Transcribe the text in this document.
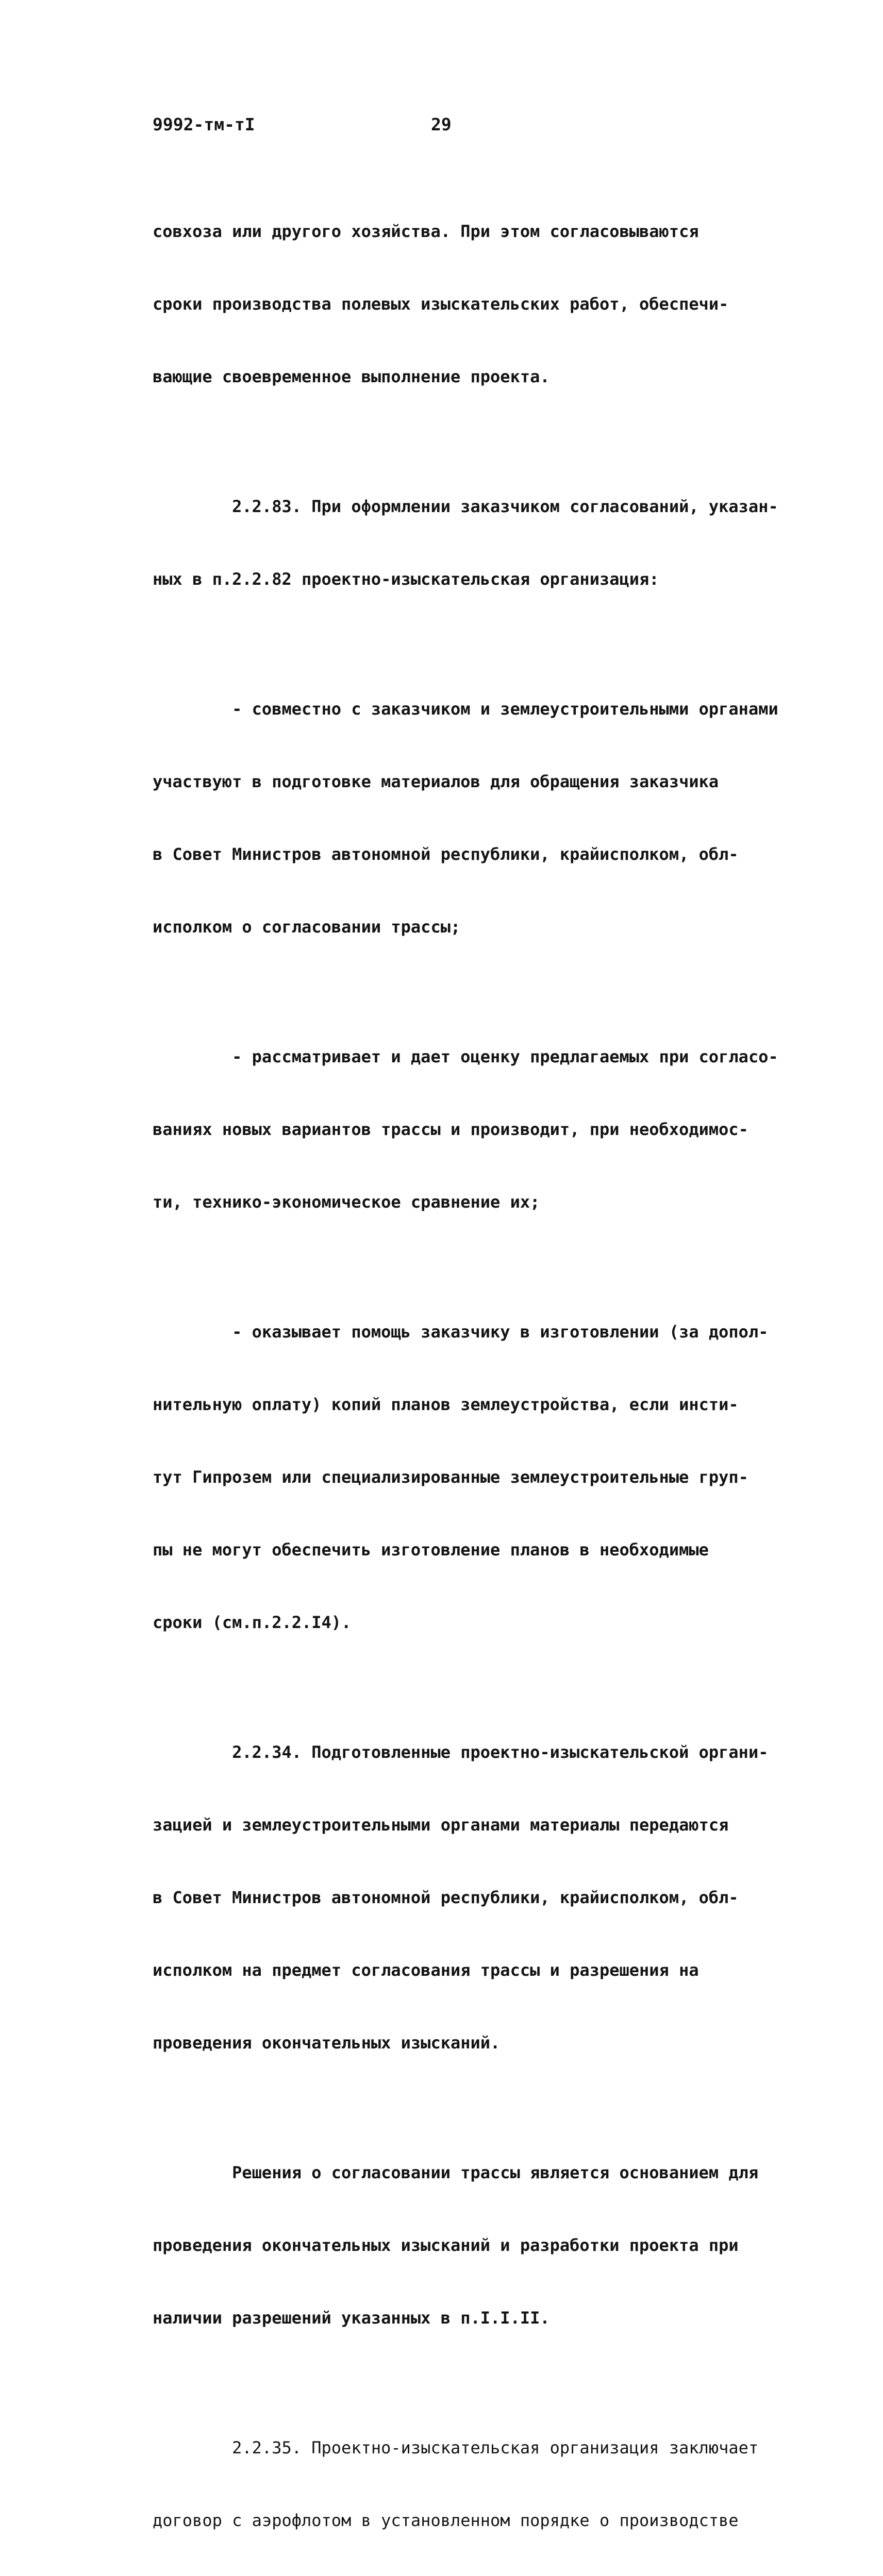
9992-тм-тI	29

совхоза или другого хозяйства. При этом согласовываются

сроки производства полевых изыскательских работ, обеспечи-

вающие своевременное выполнение проекта.

2.2.83. При оформлении заказчиком согласований, указан-

ных в п.2.2.82 проектно-изыскательская организация:

- совместно с заказчиком и землеустроительными органами

участвуют в подготовке материалов для обращения заказчика

в Совет Министров автономной республики, крайисполком, обл-

исполком о согласовании трассы;

- рассматривает и дает оценку предлагаемых при согласо-

ваниях новых вариантов трассы и производит, при необходимос-

ти, технико-экономическое сравнение их;

- оказывает помощь заказчику в изготовлении (за допол-

нительную оплату) копий планов землеустройства, если инсти-

тут Гипрозем или специализированные землеустроительные груп-

пы не могут обеспечить изготовление планов в необходимые

сроки (см.п.2.2.I4).

2.2.34. Подготовленные проектно-изыскательской органи-

зацией и землеустроительными органами материалы передаются

в Совет Министров автономной республики, крайисполком, обл-

исполком на предмет согласования трассы и разрешения на

проведения окончательных изысканий.

Решения о согласовании трассы является основанием для

проведения окончательных изысканий и разработки проекта при

наличии разрешений указанных в п.I.I.II.

2.2.35. Проектно-изыскательская организация заключает

договор с аэрофлотом в установленном порядке о производстве
